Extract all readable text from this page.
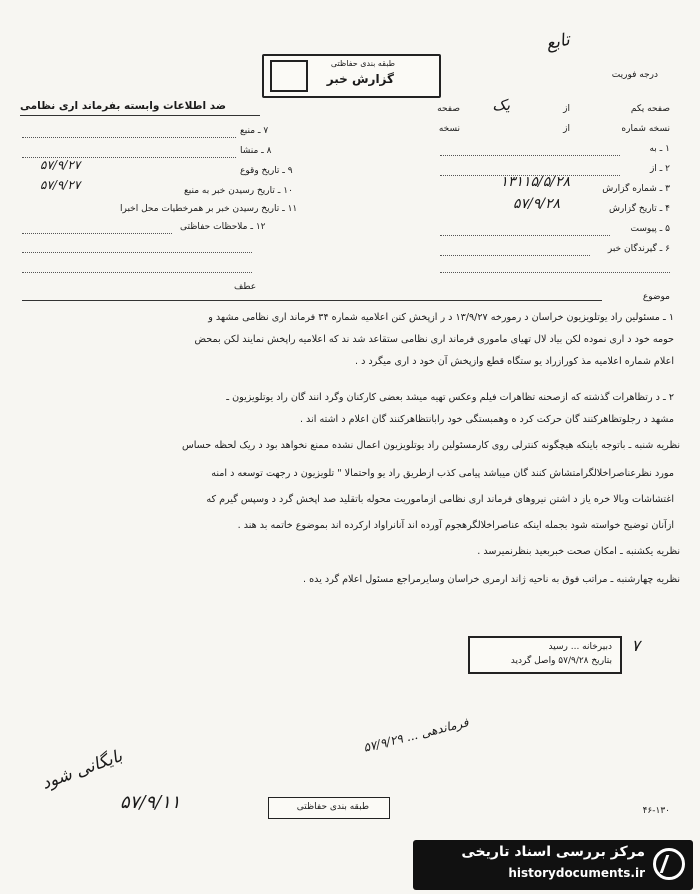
درجه فوریت
تابع
طبقه بندی حفاظتی
گزارش خبر
ضد اطلاعات وابسته بفرماند اری نظامی	صفحه یکم
از
صفحه یک
نسخه شماره
از
نسخه
۱ ـ به
۲ ـ از
۳ ـ شماره گزارش
۱۳۱۱۵/۵/۲۸
۴ ـ تاریخ گزارش
۵۷/۹/۲۸
۵ ـ پیوست
۶ ـ گیرندگان خبر
۷ ـ منبع
۸ ـ منشا
۹ ـ تاریخ وقوع
۵۷/۹/۲۷
۱۰ ـ تاریخ رسیدن خبر به منبع
۵۷/۹/۲۷
۱۱ ـ تاریخ رسیدن خبر بر همرخطیات محل اخبرا
۱۲ ـ ملاحظات حفاظتی
عطف
موضوع
۱ ـ مسئولین راد یوتلویزیون خراسان د رمورخه ۱۳/۹/۲۷ د ر ازپخش کنن اعلامیه شماره ۳۴ فرماند اری نظامی مشهد و
حومه خود د اری نموده لکن بیاد لال تهیای ماموری فرماند اری نظامی ستقاعد شد ند که اعلامیه راپخش نمایند لکن بمحض
اعلام شماره اعلامیه مذ کورازراد یو ستگاه قطع وازپخش آن خود د اری میگرد د .
۲ ـ د رتظاهرات گذشته که ازصحنه تظاهرات فیلم وعکس تهیه میشد بعضی کارکنان وگرد انند گان راد یوتلویزیون ـ
مشهد د رجلوتظاهرکنند گان حرکت کرد ه وهمبستگی خود رابانتظاهرکنند گان اعلام د اشته اند .
نظریه شنبه ـ باتوجه باینکه هیچگونه کنترلی روی کارمسئولین راد یوتلویزیون اعمال نشده ممنع نخواهد بود د ریک لحظه حساس
مورد نظرعناصراخلالگرامتشاش کنند گان میباشد پیامی کذب ازطریق راد یو واحتمالا " تلویزیون د رجهت توسعه د امنه
اغتشاشات وبالا خره یاز د اشتن نیروهای فرماند اری نظامی ازماموریت محوله باتقلید صد اپخش گرد د وسپس گیرم که
ازآنان توضیح خواسته شود بجمله اینکه عناصراخلالگرهجوم آورده اند آنانراواد ارکرده اند بموضوع خاتمه بد هند .
نظریه یکشنبه ـ امکان صحت خبربعید بنظرنمیرسد .
نظریه چهارشنبه ـ مراتب فوق به ناحیه ژاند ارمری خراسان وسایرمراجع مسئول اعلام گرد یده .
۷
دبیرخانه ... رسید
بتاریخ ۵۷/۹/۲۸ واصل گردید
فرماندهی ... ۵۷/۹/۲۹
بایگانی شود
۵۷/۹/۱۱	طبقه بندی حفاظتی	۴۶-۱۳۰
مرکز بررسی اسناد تاریخی
historydocuments.ir
